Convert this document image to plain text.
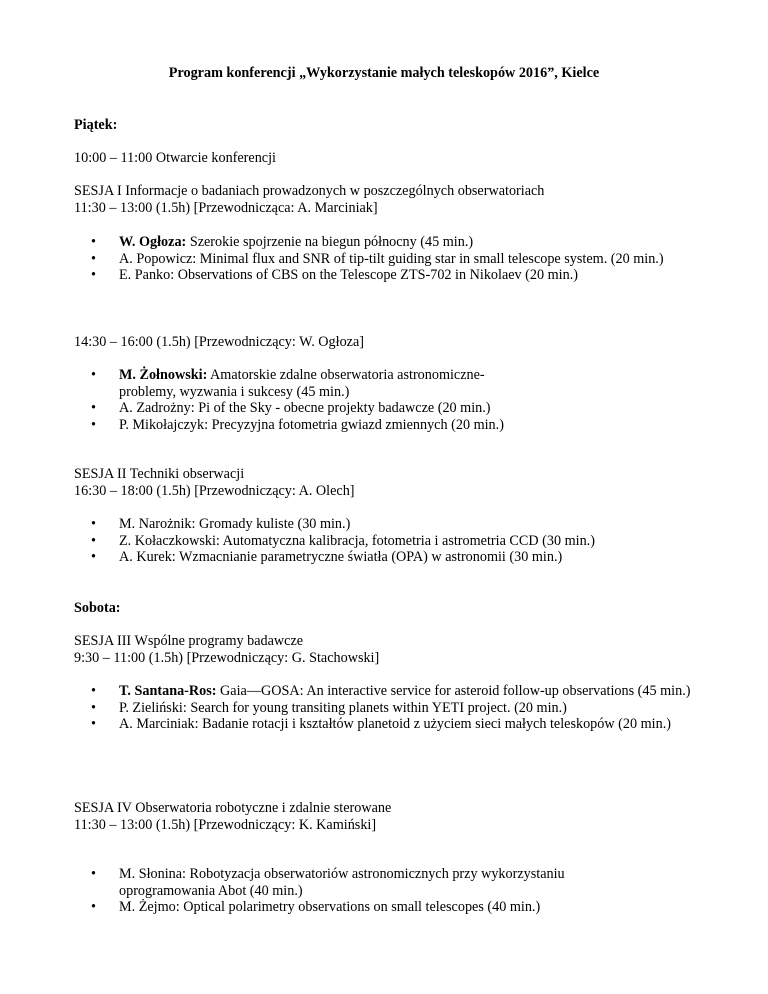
Program konferencji „Wykorzystanie małych teleskopów 2016”, Kielce
Piątek:
10:00 – 11:00 Otwarcie konferencji
SESJA I Informacje o badaniach prowadzonych w poszczególnych obserwatoriach
11:30 – 13:00 (1.5h) [Przewodnicząca: A. Marciniak]
• W. Ogłoza: Szerokie spojrzenie na biegun północny (45 min.)
• A. Popowicz: Minimal flux and SNR of tip-tilt guiding star in small telescope system. (20 min.)
• E. Panko: Observations of CBS on the Telescope ZTS-702 in Nikolaev (20 min.)
14:30 – 16:00 (1.5h) [Przewodniczący: W. Ogłoza]
• M. Żołnowski: Amatorskie zdalne obserwatoria astronomiczne-
problemy, wyzwania i sukcesy (45 min.)
• A. Zadrożny: Pi of the Sky - obecne projekty badawcze (20 min.)
• P. Mikołajczyk: Precyzyjna fotometria gwiazd zmiennych (20 min.)
SESJA II Techniki obserwacji
16:30 – 18:00 (1.5h) [Przewodniczący: A. Olech]
• M. Narożnik: Gromady kuliste (30 min.)
• Z. Kołaczkowski: Automatyczna kalibracja, fotometria i astrometria CCD (30 min.)
• A. Kurek: Wzmacnianie parametryczne światła (OPA) w astronomii (30 min.)
Sobota:
SESJA III Wspólne programy badawcze
9:30 – 11:00 (1.5h) [Przewodniczący: G. Stachowski]
• T. Santana-Ros: Gaia—GOSA: An interactive service for asteroid follow-up observations (45 min.)
• P. Zieliński: Search for young transiting planets within YETI project. (20 min.)
• A. Marciniak: Badanie rotacji i kształtów planetoid z użyciem sieci małych teleskopów (20 min.)
SESJA IV Obserwatoria robotyczne i zdalnie sterowane
11:30 – 13:00 (1.5h) [Przewodniczący: K. Kamiński]
• M. Słonina: Robotyzacja obserwatoriów astronomicznych przy wykorzystaniu
oprogramowania Abot (40 min.)
• M. Żejmo: Optical polarimetry observations on small telescopes (40 min.)
